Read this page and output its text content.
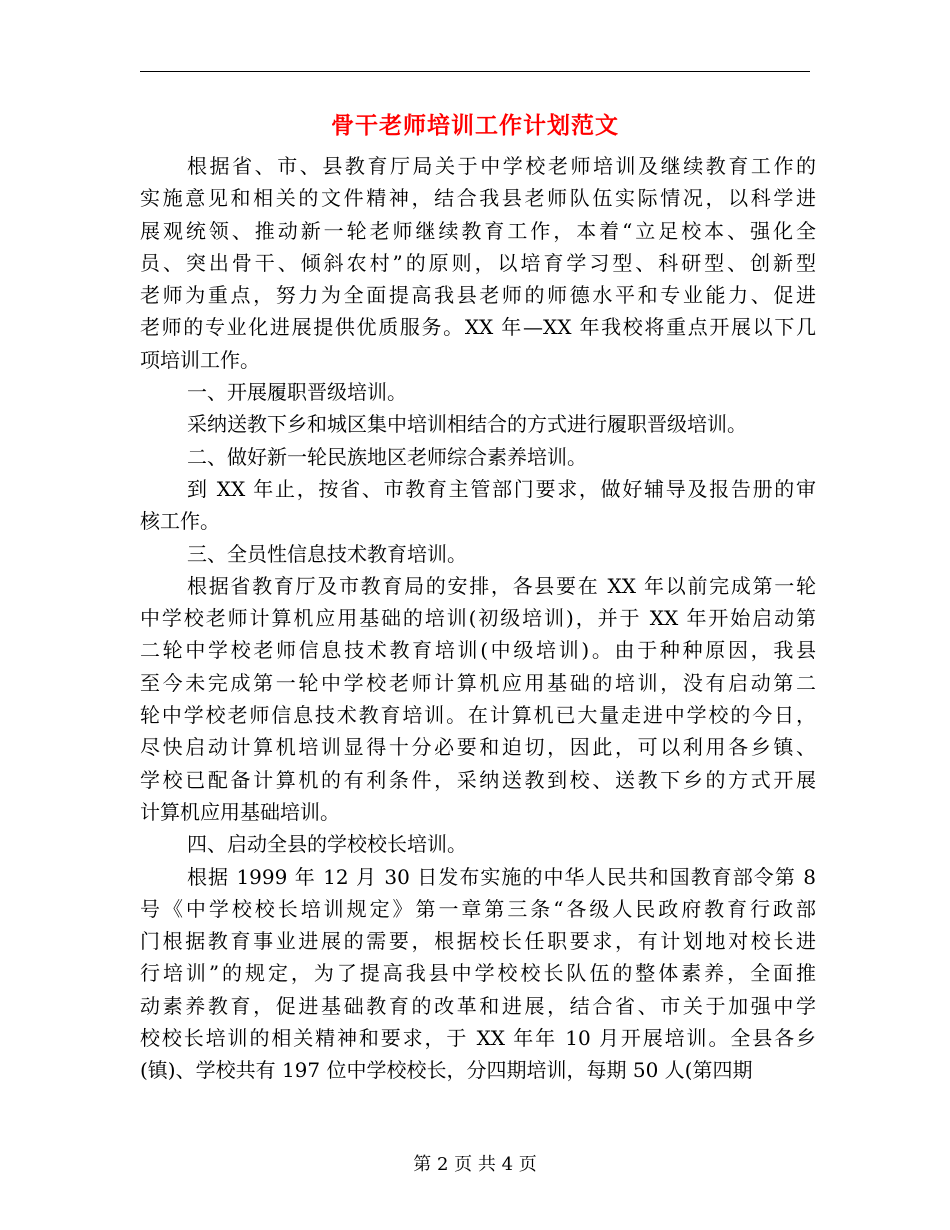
骨干老师培训工作计划范文

根据省、市、县教育厅局关于中学校老师培训及继续教育工作的
实施意见和相关的文件精神，结合我县老师队伍实际情况，以科学进
展观统领、推动新一轮老师继续教育工作，本着“立足校本、强化全
员、突出骨干、倾斜农村”的原则，以培育学习型、科研型、创新型
老师为重点，努力为全面提高我县老师的师德水平和专业能力、促进
老师的专业化进展提供优质服务。XX 年—XX 年我校将重点开展以下几
项培训工作。

一、开展履职晋级培训。

采纳送教下乡和城区集中培训相结合的方式进行履职晋级培训。

二、做好新一轮民族地区老师综合素养培训。

到 XX 年止，按省、市教育主管部门要求，做好辅导及报告册的审
核工作。

三、全员性信息技术教育培训。

根据省教育厅及市教育局的安排，各县要在 XX 年以前完成第一轮
中学校老师计算机应用基础的培训(初级培训)，并于 XX 年开始启动第
二轮中学校老师信息技术教育培训(中级培训)。由于种种原因，我县
至今未完成第一轮中学校老师计算机应用基础的培训，没有启动第二
轮中学校老师信息技术教育培训。在计算机已大量走进中学校的今日，
尽快启动计算机培训显得十分必要和迫切，因此，可以利用各乡镇、
学校已配备计算机的有利条件，采纳送教到校、送教下乡的方式开展
计算机应用基础培训。

四、启动全县的学校校长培训。

根据 1999 年 12 月 30 日发布实施的中华人民共和国教育部令第 8
号《中学校校长培训规定》第一章第三条“各级人民政府教育行政部
门根据教育事业进展的需要，根据校长任职要求，有计划地对校长进
行培训”的规定，为了提高我县中学校校长队伍的整体素养，全面推
动素养教育，促进基础教育的改革和进展，结合省、市关于加强中学
校校长培训的相关精神和要求，于 XX 年年 10 月开展培训。全县各乡
(镇)、学校共有 197 位中学校校长，分四期培训，每期 50 人(第四期

第 2 页 共 4 页
